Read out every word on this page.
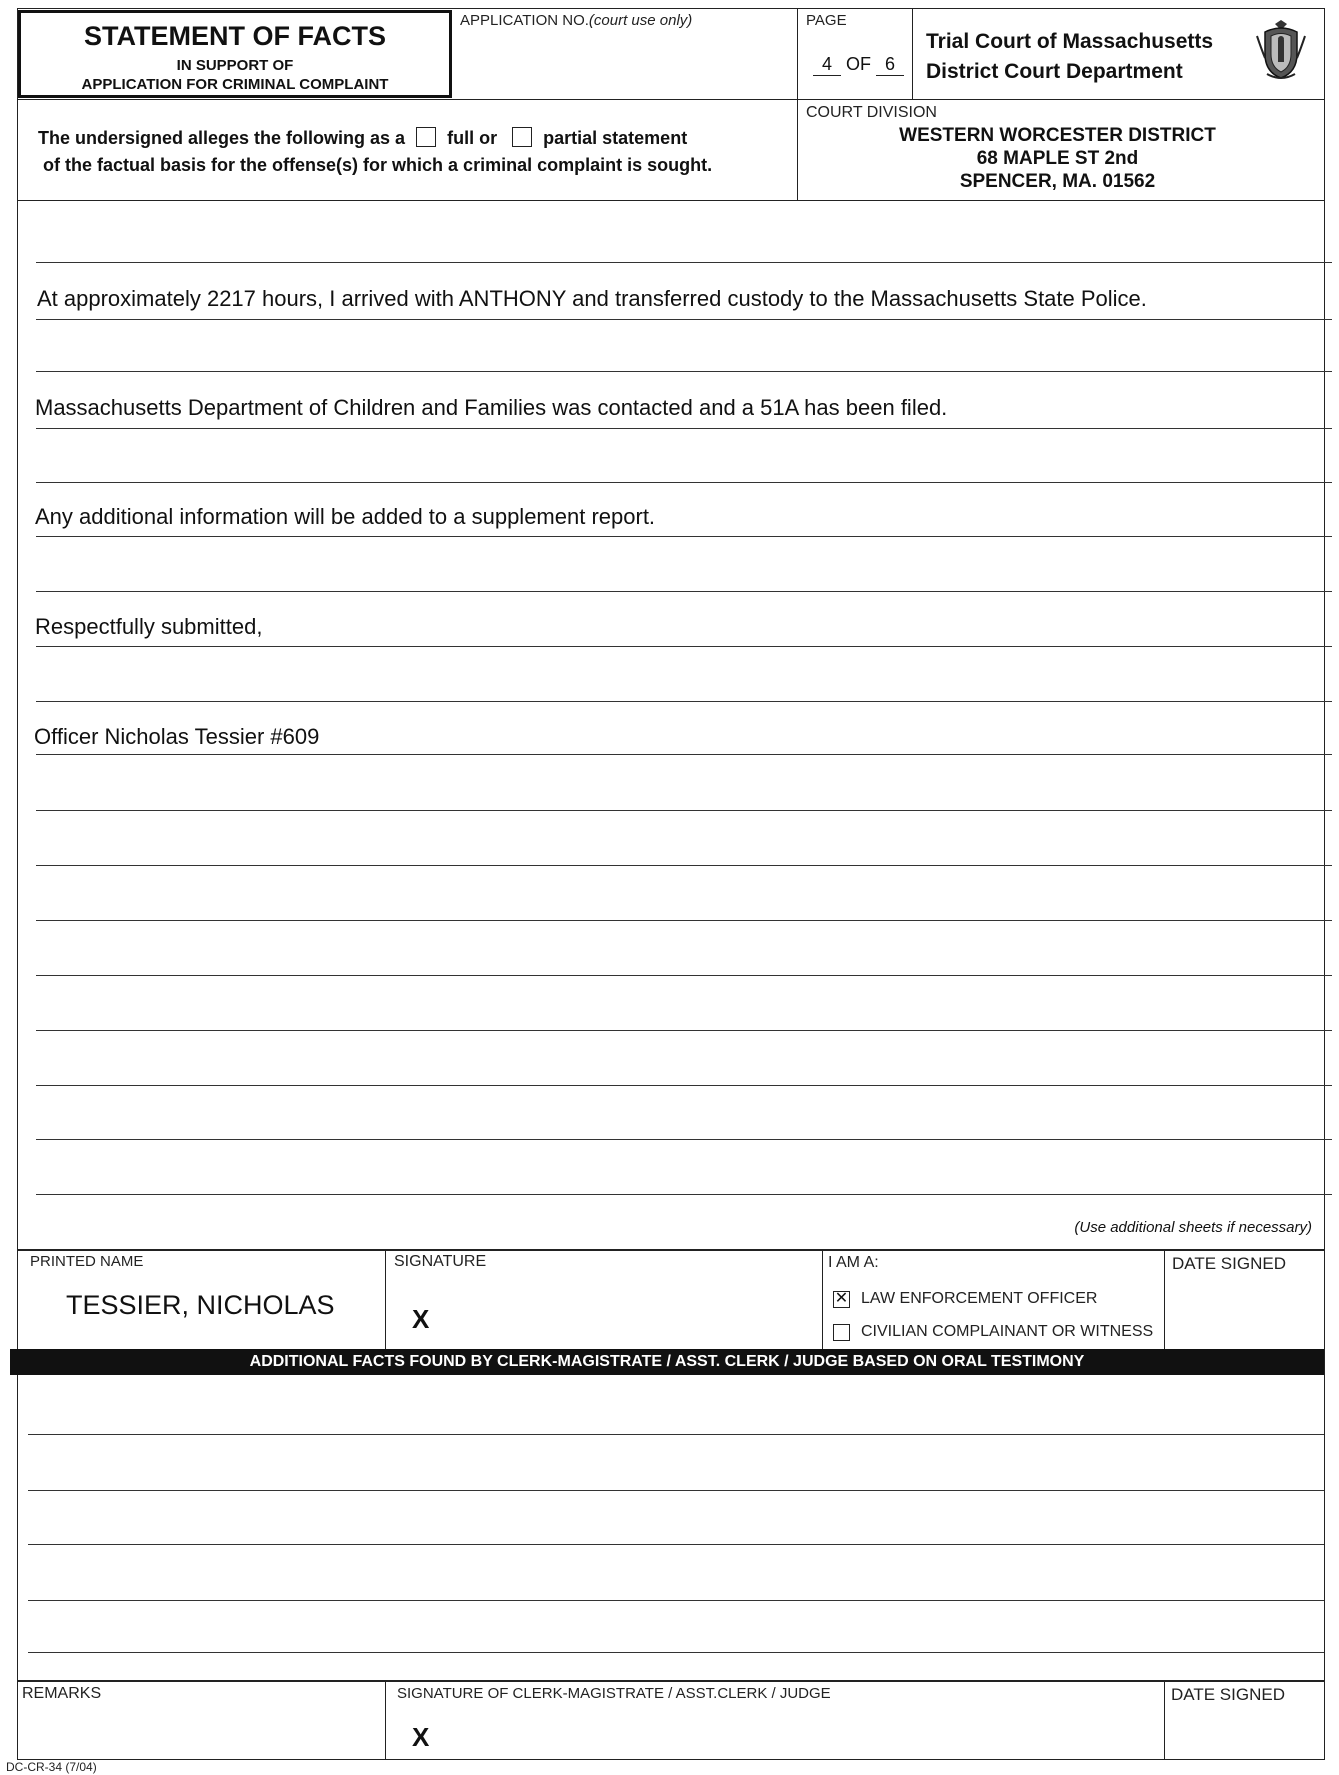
STATEMENT OF FACTS
IN SUPPORT OF
APPLICATION FOR CRIMINAL COMPLAINT
APPLICATION NO.(court use only)	PAGE
4 OF 6
Trial Court of Massachusetts
District Court Department
The undersigned alleges the following as a full or	partial statement
of the factual basis for the offense(s) for which a criminal complaint is sought.
COURT DIVISION
WESTERN WORCESTER DISTRICT
68 MAPLE ST 2nd
SPENCER, MA. 01562
At approximately 2217 hours, I arrived with ANTHONY and transferred custody to the Massachusetts State Police.
Massachusetts Department of Children and Families was contacted and a 51A has been filed.
Any additional information will be added to a supplement report.
Respectfully submitted,
Officer Nicholas Tessier #609
(Use additional sheets if necessary)
PRINTED NAME
TESSIER, NICHOLAS
SIGNATURE
X
I AM A:
✕ LAW ENFORCEMENT OFFICER
CIVILIAN COMPLAINANT OR WITNESS
DATE SIGNED
ADDITIONAL FACTS FOUND BY CLERK-MAGISTRATE / ASST. CLERK / JUDGE BASED ON ORAL TESTIMONY
REMARKS	SIGNATURE OF CLERK-MAGISTRATE / ASST.CLERK / JUDGE
X
DATE SIGNED
DC-CR-34 (7/04)
